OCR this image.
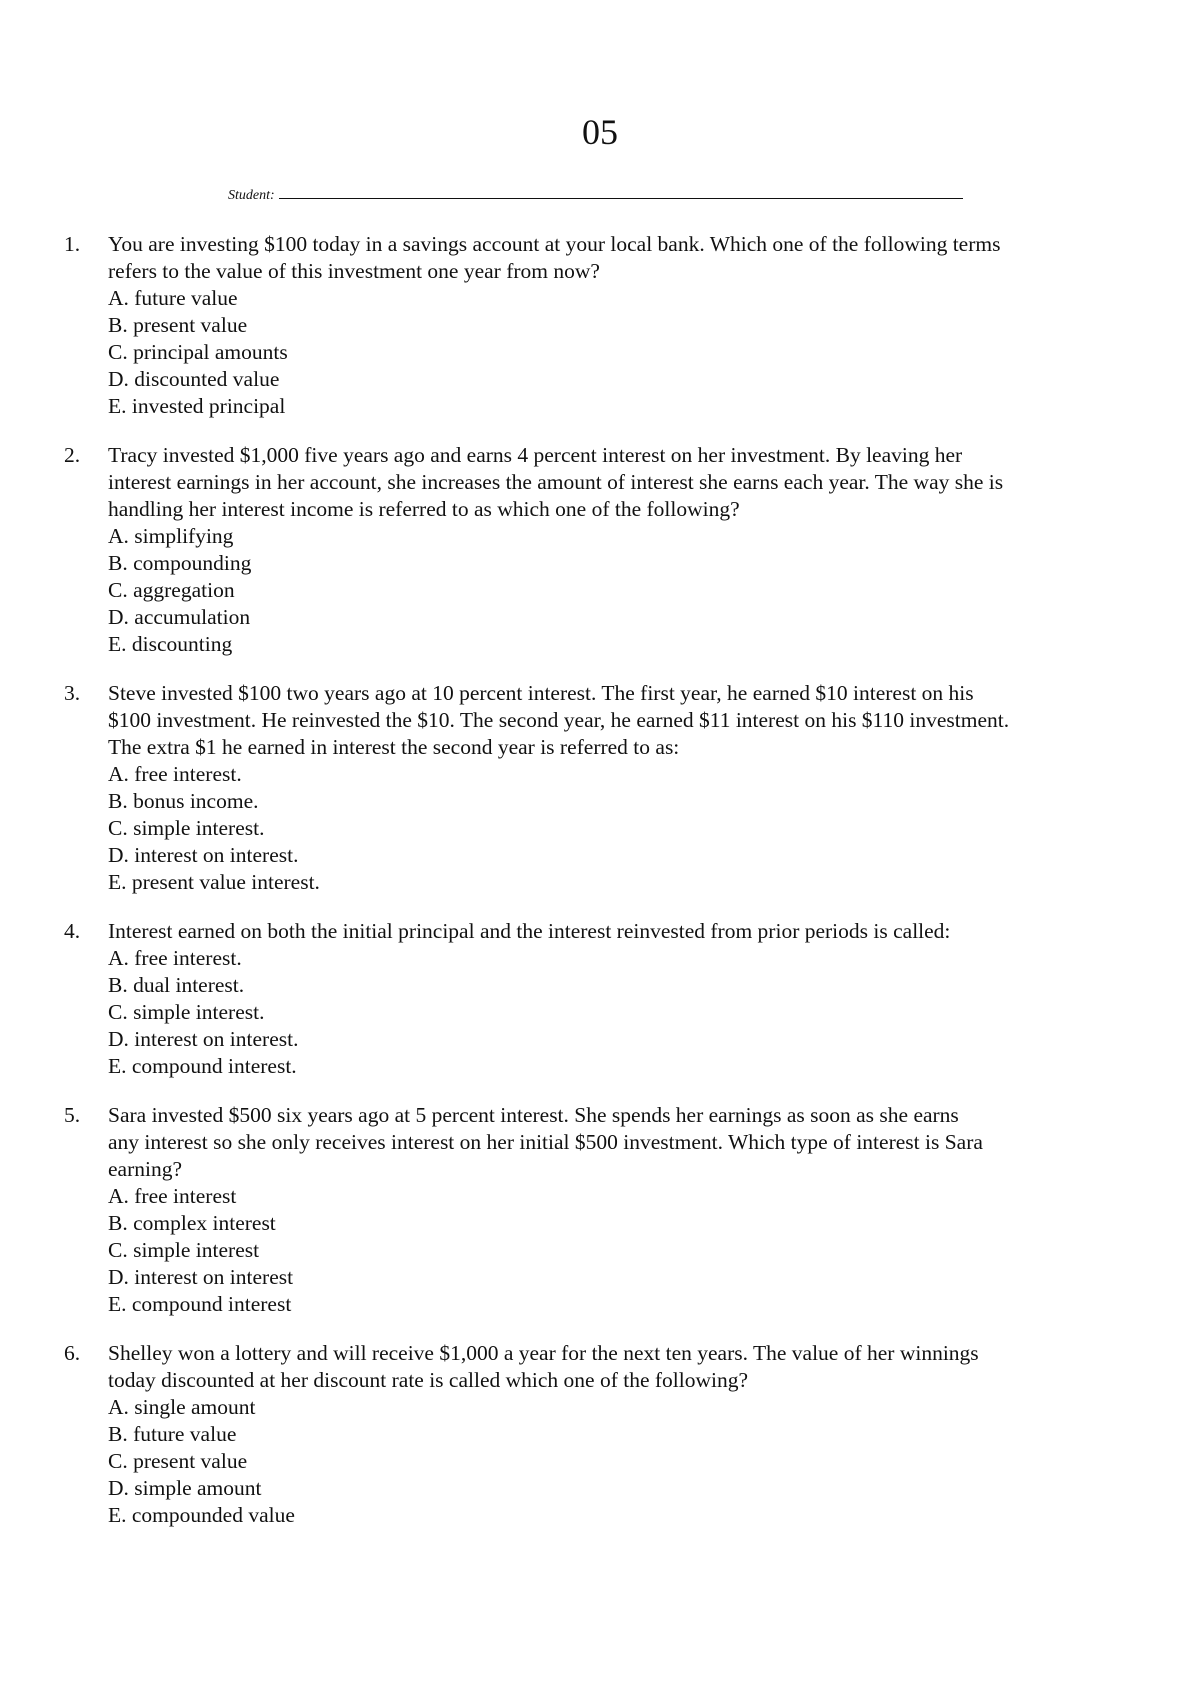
05
Student:
1. You are investing $100 today in a savings account at your local bank. Which one of the following terms
refers to the value of this investment one year from now?
A. future value
B. present value
C. principal amounts
D. discounted value
E. invested principal
2. Tracy invested $1,000 five years ago and earns 4 percent interest on her investment. By leaving her
interest earnings in her account, she increases the amount of interest she earns each year. The way she is
handling her interest income is referred to as which one of the following?
A. simplifying
B. compounding
C. aggregation
D. accumulation
E. discounting
3. Steve invested $100 two years ago at 10 percent interest. The first year, he earned $10 interest on his
$100 investment. He reinvested the $10. The second year, he earned $11 interest on his $110 investment.
The extra $1 he earned in interest the second year is referred to as:
A. free interest.
B. bonus income.
C. simple interest.
D. interest on interest.
E. present value interest.
4. Interest earned on both the initial principal and the interest reinvested from prior periods is called:
A. free interest.
B. dual interest.
C. simple interest.
D. interest on interest.
E. compound interest.
5. Sara invested $500 six years ago at 5 percent interest. She spends her earnings as soon as she earns
any interest so she only receives interest on her initial $500 investment. Which type of interest is Sara
earning?
A. free interest
B. complex interest
C. simple interest
D. interest on interest
E. compound interest
6. Shelley won a lottery and will receive $1,000 a year for the next ten years. The value of her winnings
today discounted at her discount rate is called which one of the following?
A. single amount
B. future value
C. present value
D. simple amount
E. compounded value
